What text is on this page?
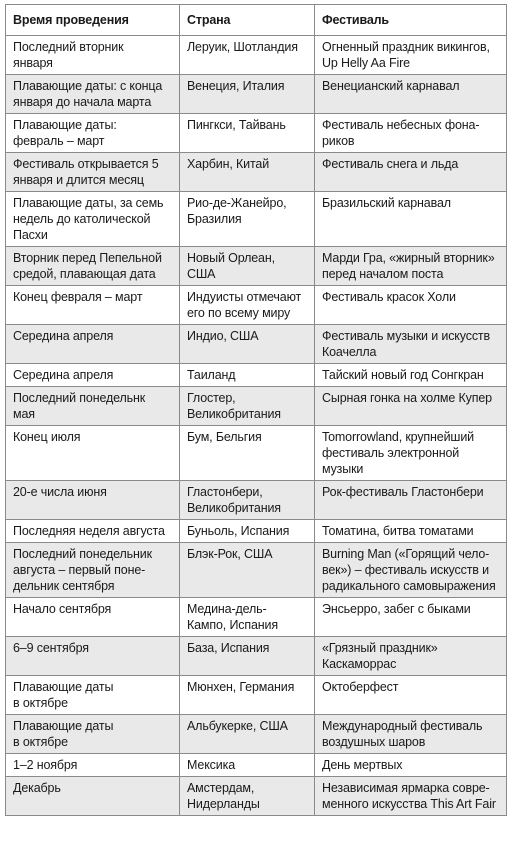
Время проведения	Страна	Фестиваль

Последний вторник
января	Леруик, Шотландия	Огненный праздник викингов,
Up Helly Aa Fire

Плавающие даты: с конца
января до начала марта	Венеция, Италия	Венецианский карнавал

Плавающие даты:
февраль – март	Пингкси, Тайвань	Фестиваль небесных фона-
риков

Фестиваль открывается 5
января и длится месяц	Харбин, Китай	Фестиваль снега и льда

Плавающие даты, за семь
недель до католической
Пасхи	Рио-де-Жанейро,
Бразилия	Бразильский карнавал

Вторник перед Пепельной
средой, плавающая дата	Новый Орлеан,
США	Марди Гра, «жирный вторник»
перед началом поста

Конец февраля – март	Индуисты отмечают
его по всему миру	Фестиваль красок Холи

Середина апреля	Индио, США	Фестиваль музыки и искусств
Коачелла

Середина апреля	Таиланд	Тайский новый год Сонгкран

Последний понедельнк
мая	Глостер,
Великобритания	Сырная гонка на холме Купер

Конец июля	Бум, Бельгия	Tomorrowland, крупнейший
фестиваль электронной
музыки

20-е числа июня	Гластонбери,
Великобритания	Рок-фестиваль Гластонбери

Последняя неделя августа	Буньоль, Испания	Томатина, битва томатами

Последний понедельник
августа – первый поне-
дельник сентября	Блэк-Рок, США	Burning Man («Горящий чело-
век») – фестиваль искусств и
радикального самовыражения

Начало сентября	Медина-дель-
Кампо, Испания	Энсьерро, забег с быками

6–9 сентября	База, Испания	«Грязный праздник»
Каскаморрас

Плавающие даты
в октябре	Мюнхен, Германия	Октоберфест

Плавающие даты
в октябре	Альбукерке, США	Международный фестиваль
воздушных шаров

1–2 ноября	Мексика	День мертвых

Декабрь	Амстердам,
Нидерланды	Независимая ярмарка совре-
менного искусства This Art Fair
